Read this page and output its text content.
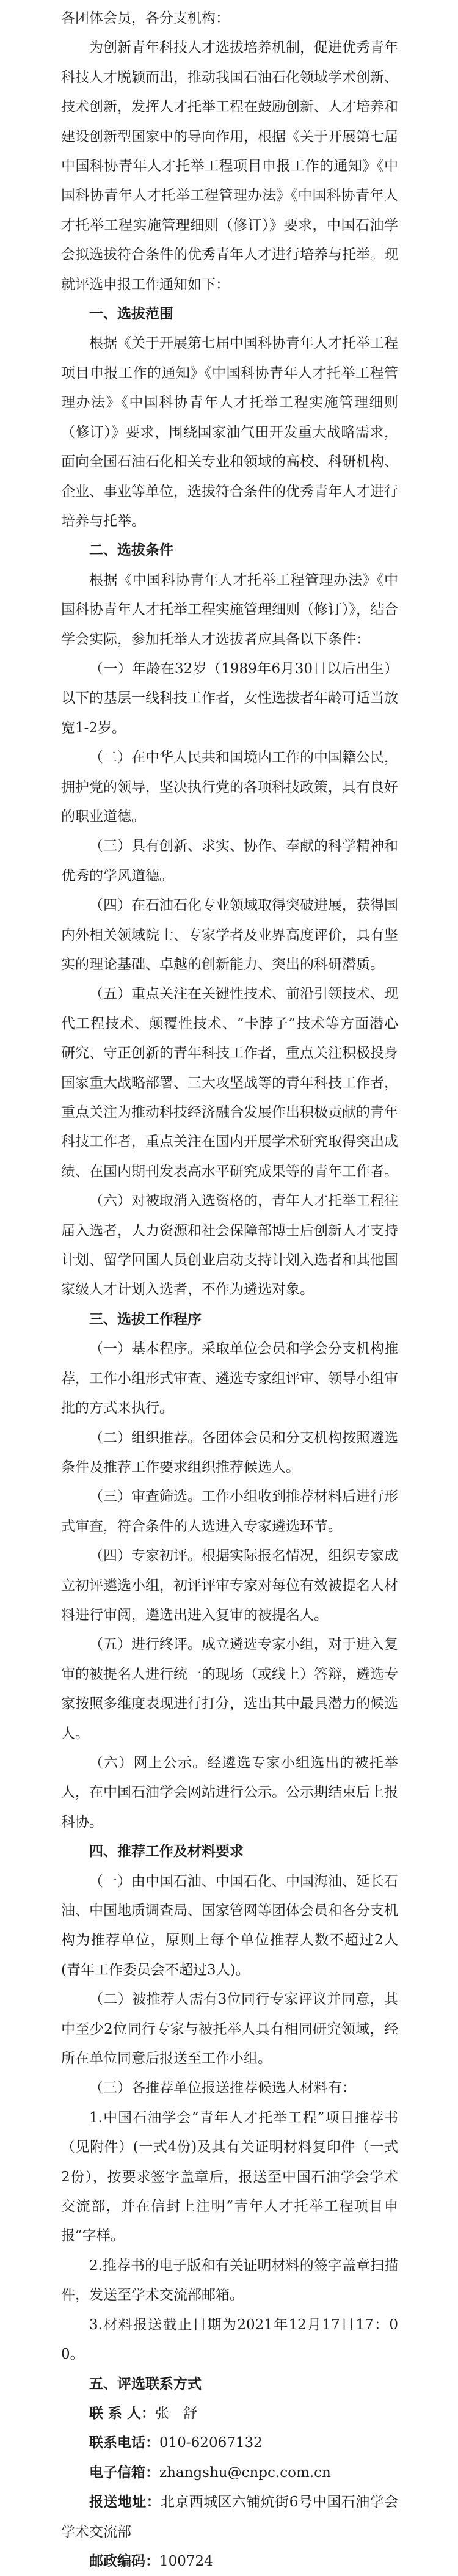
各团体会员，各分支机构：

为创新青年科技人才选拔培养机制，促进优秀青年科技人才脱颖而出，推动我国石油石化领域学术创新、技术创新，发挥人才托举工程在鼓励创新、人才培养和建设创新型国家中的导向作用，根据《关于开展第七届中国科协青年人才托举工程项目申报工作的通知》《中国科协青年人才托举工程管理办法》《中国科协青年人才托举工程实施管理细则（修订）》要求，中国石油学会拟选拔符合条件的优秀青年人才进行培养与托举。现就评选申报工作通知如下：

一、选拔范围

根据《关于开展第七届中国科协青年人才托举工程项目申报工作的通知》《中国科协青年人才托举工程管理办法》《中国科协青年人才托举工程实施管理细则（修订）》要求，围绕国家油气田开发重大战略需求，面向全国石油石化相关专业和领域的高校、科研机构、企业、事业等单位，选拔符合条件的优秀青年人才进行培养与托举。

二、选拔条件

根据《中国科协青年人才托举工程管理办法》《中国科协青年人才托举工程实施管理细则（修订）》，结合学会实际，参加托举人才选拔者应具备以下条件：

（一）年龄在32岁（1989年6月30日以后出生）以下的基层一线科技工作者，女性选拔者年龄可适当放宽1-2岁。

（二）在中华人民共和国境内工作的中国籍公民，拥护党的领导，坚决执行党的各项科技政策，具有良好的职业道德。

（三）具有创新、求实、协作、奉献的科学精神和优秀的学风道德。

（四）在石油石化专业领域取得突破进展，获得国内外相关领域院士、专家学者及业界高度评价，具有坚实的理论基础、卓越的创新能力、突出的科研潜质。

（五）重点关注在关键性技术、前沿引领技术、现代工程技术、颠覆性技术、“卡脖子”技术等方面潜心研究、守正创新的青年科技工作者，重点关注积极投身国家重大战略部署、三大攻坚战等的青年科技工作者，重点关注为推动科技经济融合发展作出积极贡献的青年科技工作者，重点关注在国内开展学术研究取得突出成绩、在国内期刊发表高水平研究成果等的青年工作者。

（六）对被取消入选资格的，青年人才托举工程往届入选者，人力资源和社会保障部博士后创新人才支持计划、留学回国人员创业启动支持计划入选者和其他国家级人才计划入选者，不作为遴选对象。

三、选拔工作程序

（一）基本程序。采取单位会员和学会分支机构推荐，工作小组形式审查、遴选专家组评审、领导小组审批的方式来执行。

（二）组织推荐。各团体会员和分支机构按照遴选条件及推荐工作要求组织推荐候选人。

（三）审查筛选。工作小组收到推荐材料后进行形式审查，符合条件的人选进入专家遴选环节。

（四）专家初评。根据实际报名情况，组织专家成立初评遴选小组，初评评审专家对每位有效被提名人材料进行审阅，遴选出进入复审的被提名人。

（五）进行终评。成立遴选专家小组，对于进入复审的被提名人进行统一的现场（或线上）答辩，遴选专家按照多维度表现进行打分，选出其中最具潜力的候选人。

（六）网上公示。经遴选专家小组选出的被托举人，在中国石油学会网站进行公示。公示期结束后上报科协。

四、推荐工作及材料要求

（一）由中国石油、中国石化、中国海油、延长石油、中国地质调查局、国家管网等团体会员和各分支机构为推荐单位，原则上每个单位推荐人数不超过2人(青年工作委员会不超过3人)。

（二）被推荐人需有3位同行专家评议并同意，其中至少2位同行专家与被托举人具有相同研究领域，经所在单位同意后报送至工作小组。

（三）各推荐单位报送推荐候选人材料有：

1.中国石油学会“青年人才托举工程”项目推荐书（见附件）(一式4份)及其有关证明材料复印件（一式2份），按要求签字盖章后，报送至中国石油学会学术交流部，并在信封上注明“青年人才托举工程项目申报”字样。

2.推荐书的电子版和有关证明材料的签字盖章扫描件，发送至学术交流部邮箱。

3.材料报送截止日期为2021年12月17日17：00。

五、评选联系方式

联 系 人：张　舒

联系电话：010-62067132

电子信箱：zhangshu@cnpc.com.cn

报送地址：北京西城区六铺炕街6号中国石油学会学术交流部

邮政编码：100724
